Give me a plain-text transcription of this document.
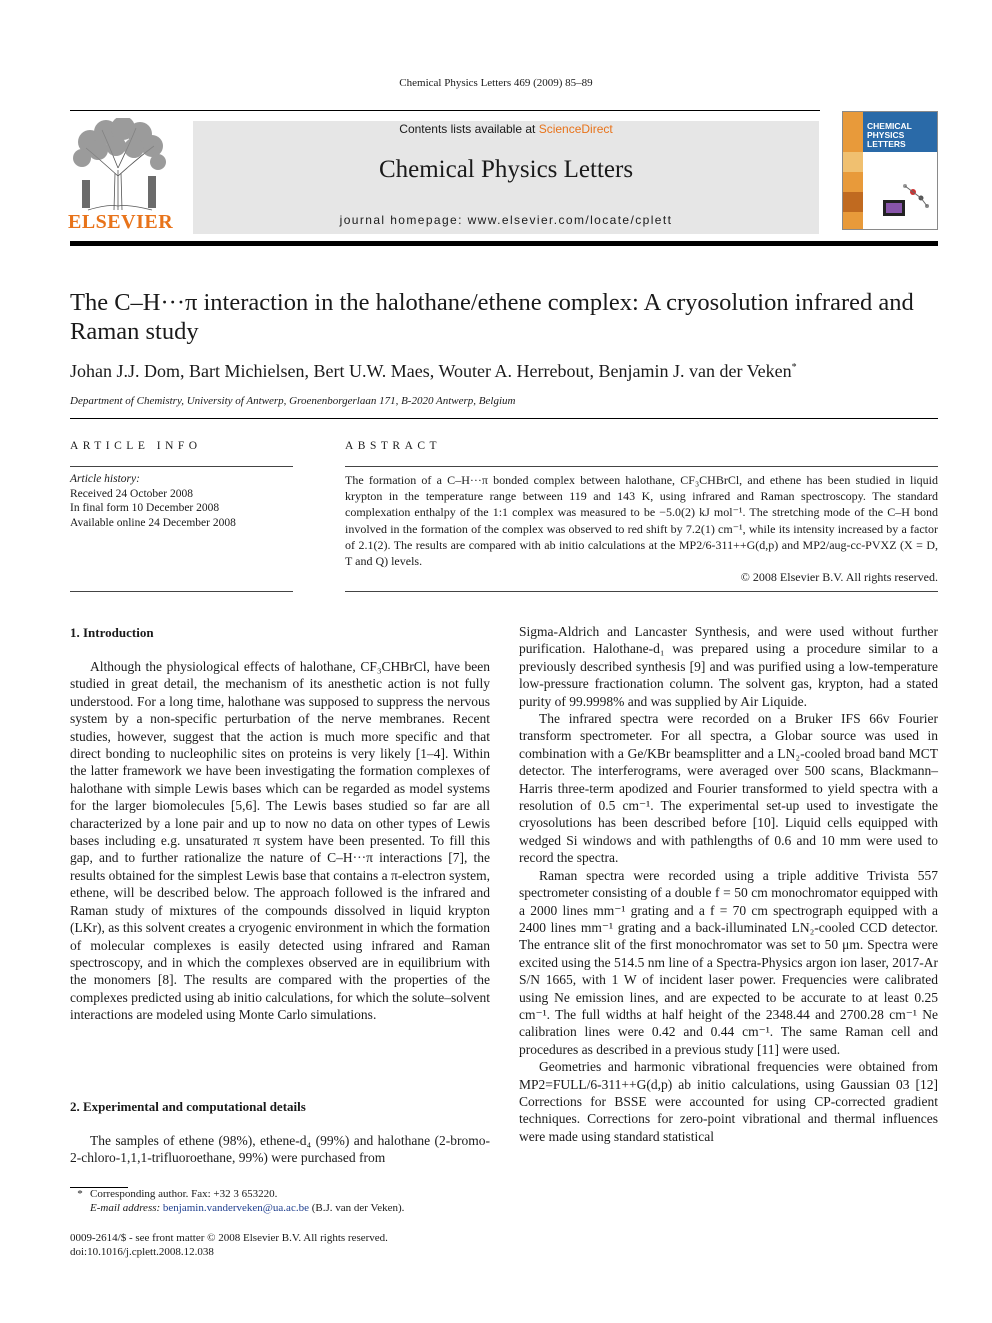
Chemical Physics Letters 469 (2009) 85–89
ELSEVIER
Contents lists available at ScienceDirect
Chemical Physics Letters
journal homepage: www.elsevier.com/locate/cplett
CHEMICAL
PHYSICS
LETTERS
The C–H···π interaction in the halothane/ethene complex: A cryosolution infrared and Raman study
Johan J.J. Dom, Bart Michielsen, Bert U.W. Maes, Wouter A. Herrebout, Benjamin J. van der Veken*
Department of Chemistry, University of Antwerp, Groenenborgerlaan 171, B-2020 Antwerp, Belgium
ARTICLE INFO
Article history:
Received 24 October 2008
In final form 10 December 2008
Available online 24 December 2008
ABSTRACT
The formation of a C–H···π bonded complex between halothane, CF₃CHBrCl, and ethene has been studied in liquid krypton in the temperature range between 119 and 143 K, using infrared and Raman spectroscopy. The standard complexation enthalpy of the 1:1 complex was measured to be −5.0(2) kJ mol⁻¹. The stretching mode of the C–H bond involved in the formation of the complex was observed to red shift by 7.2(1) cm⁻¹, while its intensity increased by a factor of 2.1(2). The results are compared with ab initio calculations at the MP2/6-311++G(d,p) and MP2/aug-cc-PVXZ (X = D, T and Q) levels.
© 2008 Elsevier B.V. All rights reserved.
1. Introduction

Although the physiological effects of halothane, CF₃CHBrCl, have been studied in great detail, the mechanism of its anesthetic action is not fully understood. For a long time, halothane was supposed to suppress the nervous system by a non-specific perturbation of the nerve membranes. Recent studies, however, suggest that the action is much more specific and that direct bonding to nucleophilic sites on proteins is very likely [1–4]. Within the latter framework we have been investigating the formation complexes of halothane with simple Lewis bases which can be regarded as model systems for the larger biomolecules [5,6]. The Lewis bases studied so far are all characterized by a lone pair and up to now no data on other types of Lewis bases including e.g. unsaturated π system have been presented. To fill this gap, and to further rationalize the nature of C–H···π interactions [7], the results obtained for the simplest Lewis base that contains a π-electron system, ethene, will be described below. The approach followed is the infrared and Raman study of mixtures of the compounds dissolved in liquid krypton (LKr), as this solvent creates a cryogenic environment in which the formation of molecular complexes is easily detected using infrared and Raman spectroscopy, and in which the complexes observed are in equilibrium with the monomers [8]. The results are compared with the properties of the complexes predicted using ab initio calculations, for which the solute–solvent interactions are modeled using Monte Carlo simulations.

2. Experimental and computational details

The samples of ethene (98%), ethene-d₄ (99%) and halothane (2-bromo-2-chloro-1,1,1-trifluoroethane, 99%) were purchased from

Sigma-Aldrich and Lancaster Synthesis, and were used without further purification. Halothane-d₁ was prepared using a procedure similar to a previously described synthesis [9] and was purified using a low-temperature low-pressure fractionation column. The solvent gas, krypton, had a stated purity of 99.9998% and was supplied by Air Liquide.

The infrared spectra were recorded on a Bruker IFS 66v Fourier transform spectrometer. For all spectra, a Globar source was used in combination with a Ge/KBr beamsplitter and a LN₂-cooled broad band MCT detector. The interferograms, were averaged over 500 scans, Blackmann–Harris three-term apodized and Fourier transformed to yield spectra with a resolution of 0.5 cm⁻¹. The experimental set-up used to investigate the cryosolutions has been described before [10]. Liquid cells equipped with wedged Si windows and with pathlengths of 0.6 and 10 mm were used to record the spectra.

Raman spectra were recorded using a triple additive Trivista 557 spectrometer consisting of a double f = 50 cm monochromator equipped with a 2000 lines mm⁻¹ grating and a f = 70 cm spectrograph equipped with a 2400 lines mm⁻¹ grating and a back-illuminated LN₂-cooled CCD detector. The entrance slit of the first monochromator was set to 50 μm. Spectra were excited using the 514.5 nm line of a Spectra-Physics argon ion laser, 2017-Ar S/N 1665, with 1 W of incident laser power. Frequencies were calibrated using Ne emission lines, and are expected to be accurate to at least 0.25 cm⁻¹. The full widths at half height of the 2348.44 and 2700.28 cm⁻¹ Ne calibration lines were 0.42 and 0.44 cm⁻¹. The same Raman cell and procedures as described in a previous study [11] were used.

Geometries and harmonic vibrational frequencies were obtained from MP2=FULL/6-311++G(d,p) ab initio calculations, using Gaussian 03 [12] Corrections for BSSE were accounted for using CP-corrected gradient techniques. Corrections for zero-point vibrational and thermal influences were made using standard statistical

* Corresponding author. Fax: +32 3 653220.
E-mail address: benjamin.vanderveken@ua.ac.be (B.J. van der Veken).
0009-2614/$ - see front matter © 2008 Elsevier B.V. All rights reserved.
doi:10.1016/j.cplett.2008.12.038
